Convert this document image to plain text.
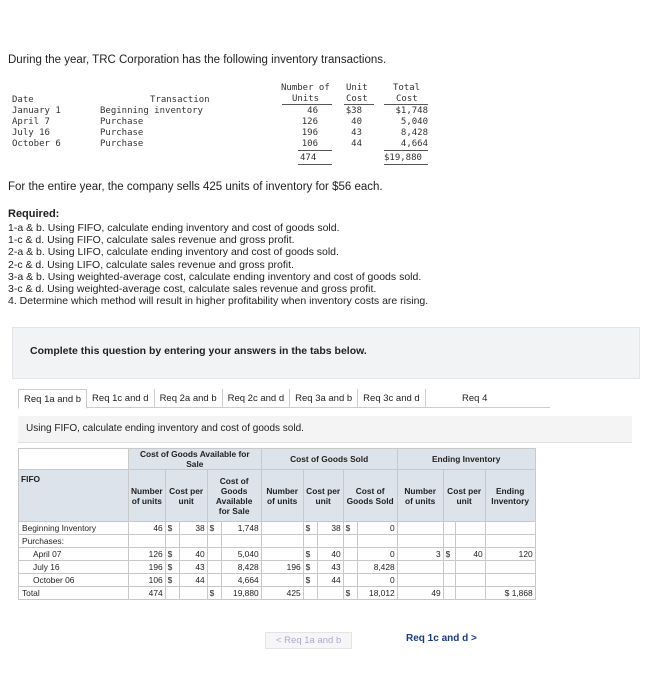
During the year, TRC Corporation has the following inventory transactions.
Date	Transaction
Number of
Units
Unit
Cost
Total
Cost
January 1	Beginning inventory	46	$38	$1,748
April 7	Purchase	126	40	5,040
July 16	Purchase	196	43	8,428
October 6	Purchase	106	44	4,664
474	$19,880
For the entire year, the company sells 425 units of inventory for $56 each.
Required:
1-a & b. Using FIFO, calculate ending inventory and cost of goods sold.
1-c & d. Using FIFO, calculate sales revenue and gross profit.
2-a & b. Using LIFO, calculate ending inventory and cost of goods sold.
2-c & d. Using LIFO, calculate sales revenue and gross profit.
3-a & b. Using weighted-average cost, calculate ending inventory and cost of goods sold.
3-c & d. Using weighted-average cost, calculate sales revenue and gross profit.
4. Determine which method will result in higher profitability when inventory costs are rising.
Complete this question by entering your answers in the tabs below.
Req 1a and b	Req 1c and d	Req 2a and b	Req 2c and d	Req 3a and b	Req 3c and d	Req 4
Using FIFO, calculate ending inventory and cost of goods sold.
	Cost of Goods Available for Sale					Cost of Goods Sold					Ending Inventory			
FIFO	Number of units	Cost per unit		Cost of Goods Available for Sale		Number of units	Cost per unit		Cost of Goods Sold		Number of units	Cost per unit		Ending Inventory
Beginning Inventory	46	$	38	$	1,748		$	38	$	0				
Purchases:														
April 07	126	$	40		5,040		$	40		0	3	$	40	120
July 16	196	$	43		8,428	196	$	43		8,428				
October 06	106	$	44		4,664		$	44		0				
Total	474			$	19,880	425			$	18,012	49			$ 1,868
< Req 1a and b	Req 1c and d >
